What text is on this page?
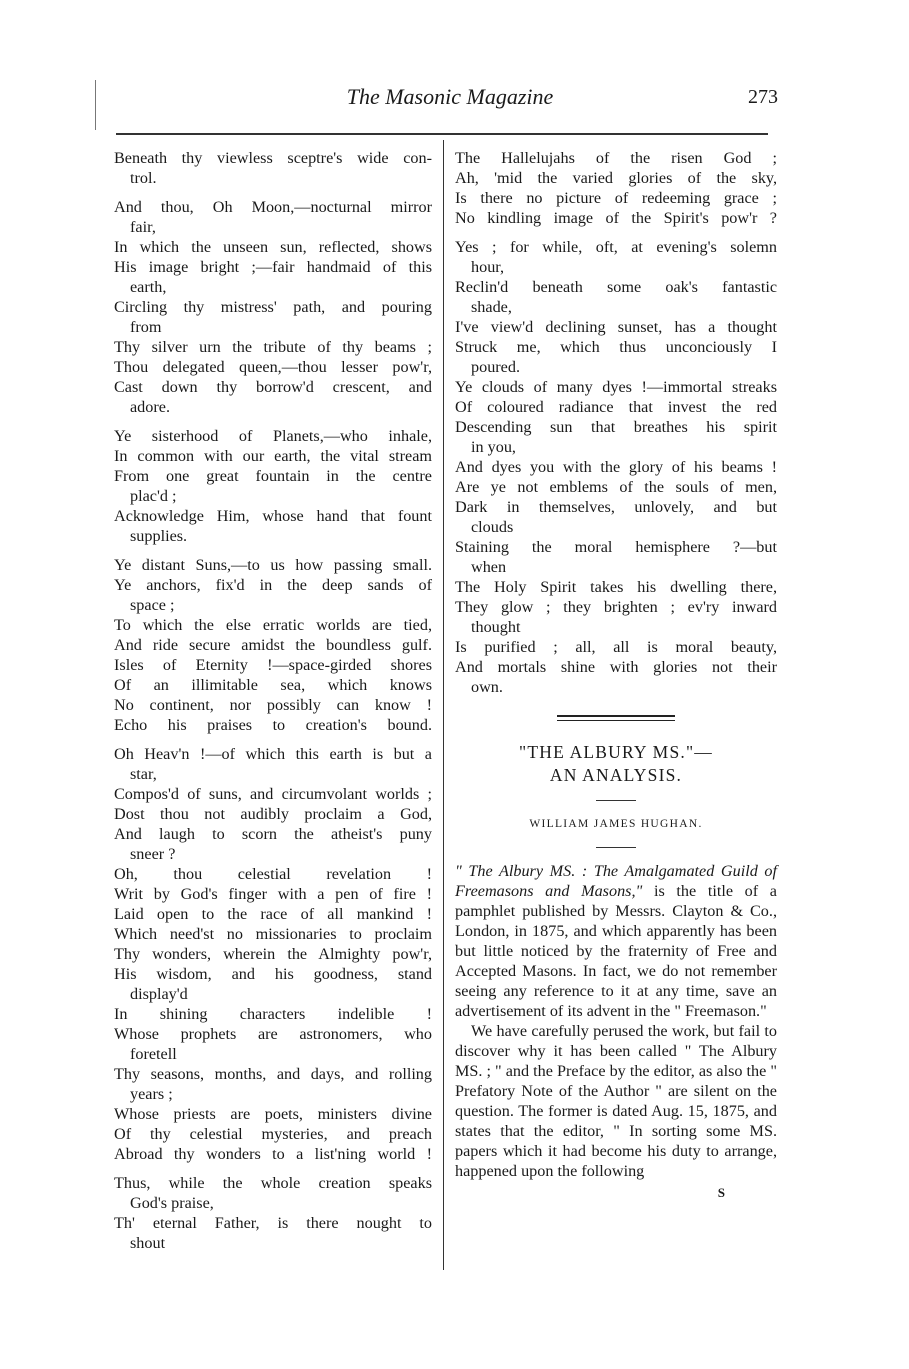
The Masonic Magazine	273
Beneath thy viewless sceptre's wide con-
trol.
And thou, Oh Moon,—nocturnal mirror
fair,
In which the unseen sun, reflected, shows
His image bright ;—fair handmaid of this
earth,
Circling thy mistress' path, and pouring
from
Thy silver urn the tribute of thy beams ;
Thou delegated queen,—thou lesser pow'r,
Cast down thy borrow'd crescent, and
adore.
Ye sisterhood of Planets,—who inhale,
In common with our earth, the vital stream
From one great fountain in the centre
plac'd ;
Acknowledge Him, whose hand that fount
supplies.
Ye distant Suns,—to us how passing small.
Ye anchors, fix'd in the deep sands of
space ;
To which the else erratic worlds are tied,
And ride secure amidst the boundless gulf.
Isles of Eternity !—space-girded shores
Of an illimitable sea, which knows
No continent, nor possibly can know !
Echo his praises to creation's bound.
Oh Heav'n !—of which this earth is but a
star,
Compos'd of suns, and circumvolant worlds ;
Dost thou not audibly proclaim a God,
And laugh to scorn the atheist's puny
sneer ?
Oh, thou celestial revelation !
Writ by God's finger with a pen of fire !
Laid open to the race of all mankind !
Which need'st no missionaries to proclaim
Thy wonders, wherein the Almighty pow'r,
His wisdom, and his goodness, stand
display'd
In shining characters indelible !
Whose prophets are astronomers, who
foretell
Thy seasons, months, and days, and rolling
years ;
Whose priests are poets, ministers divine
Of thy celestial mysteries, and preach
Abroad thy wonders to a list'ning world !
Thus, while the whole creation speaks
God's praise,
Th' eternal Father, is there nought to
shout
The Hallelujahs of the risen God ;
Ah, 'mid the varied glories of the sky,
Is there no picture of redeeming grace ;
No kindling image of the Spirit's pow'r ?
Yes ; for while, oft, at evening's solemn
hour,
Reclin'd beneath some oak's fantastic
shade,
I've view'd declining sunset, has a thought
Struck me, which thus unconciously I
poured.
Ye clouds of many dyes !—immortal streaks
Of coloured radiance that invest the red
Descending sun that breathes his spirit
in you,
And dyes you with the glory of his beams !
Are ye not emblems of the souls of men,
Dark in themselves, unlovely, and but
clouds
Staining the moral hemisphere ?—but
when
The Holy Spirit takes his dwelling there,
They glow ; they brighten ; ev'ry inward
thought
Is purified ; all, all is moral beauty,
And mortals shine with glories not their
own.
"THE ALBURY MS."—
AN ANALYSIS.
WILLIAM JAMES HUGHAN.

" The Albury MS. : The Amalgamated Guild of Freemasons and Masons," is the title of a pamphlet published by Messrs. Clayton & Co., London, in 1875, and which apparently has been but little noticed by the fraternity of Free and Accepted Masons. In fact, we do not remember seeing any reference to it at any time, save an advertisement of its advent in the " Freemason."

We have carefully perused the work, but fail to discover why it has been called " The Albury MS. ; " and the Preface by the editor, as also the " Prefatory Note of the Author " are silent on the question. The former is dated Aug. 15, 1875, and states that the editor, " In sorting some MS. papers which it had become his duty to arrange, happened upon the following

S
